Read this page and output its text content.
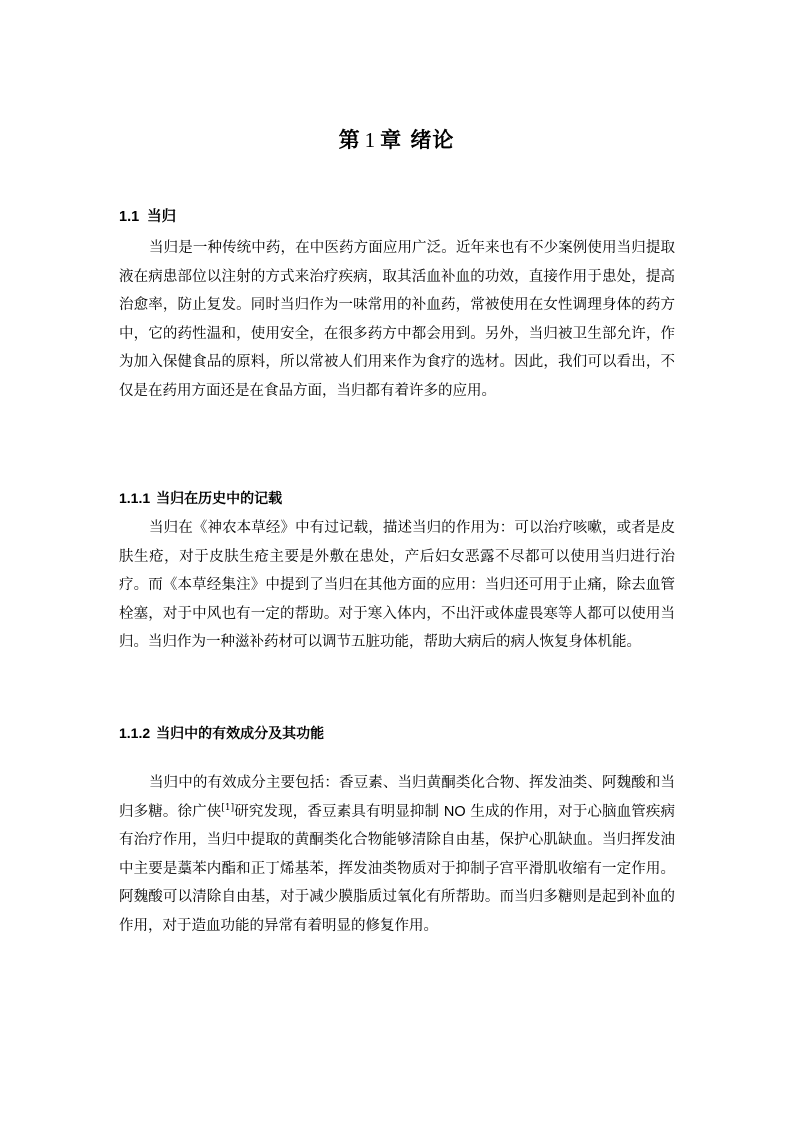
第 1 章 绪论
1.1 当归

当归是一种传统中药，在中医药方面应用广泛。近年来也有不少案例使用当归提取液在病患部位以注射的方式来治疗疾病，取其活血补血的功效，直接作用于患处，提高治愈率，防止复发。同时当归作为一味常用的补血药，常被使用在女性调理身体的药方中，它的药性温和，使用安全，在很多药方中都会用到。另外，当归被卫生部允许，作为加入保健食品的原料，所以常被人们用来作为食疗的选材。因此，我们可以看出，不仅是在药用方面还是在食品方面，当归都有着许多的应用。

1.1.1 当归在历史中的记载

当归在《神农本草经》中有过记载，描述当归的作用为：可以治疗咳嗽，或者是皮肤生疮，对于皮肤生疮主要是外敷在患处，产后妇女恶露不尽都可以使用当归进行治疗。而《本草经集注》中提到了当归在其他方面的应用：当归还可用于止痛，除去血管栓塞，对于中风也有一定的帮助。对于寒入体内，不出汗或体虚畏寒等人都可以使用当归。当归作为一种滋补药材可以调节五脏功能，帮助大病后的病人恢复身体机能。

1.1.2 当归中的有效成分及其功能

当归中的有效成分主要包括：香豆素、当归黄酮类化合物、挥发油类、阿魏酸和当归多糖。徐广侠[1]研究发现，香豆素具有明显抑制 NO 生成的作用，对于心脑血管疾病有治疗作用，当归中提取的黄酮类化合物能够清除自由基，保护心肌缺血。当归挥发油中主要是藁苯内酯和正丁烯基苯，挥发油类物质对于抑制子宫平滑肌收缩有一定作用。阿魏酸可以清除自由基，对于减少膜脂质过氧化有所帮助。而当归多糖则是起到补血的作用，对于造血功能的异常有着明显的修复作用。
